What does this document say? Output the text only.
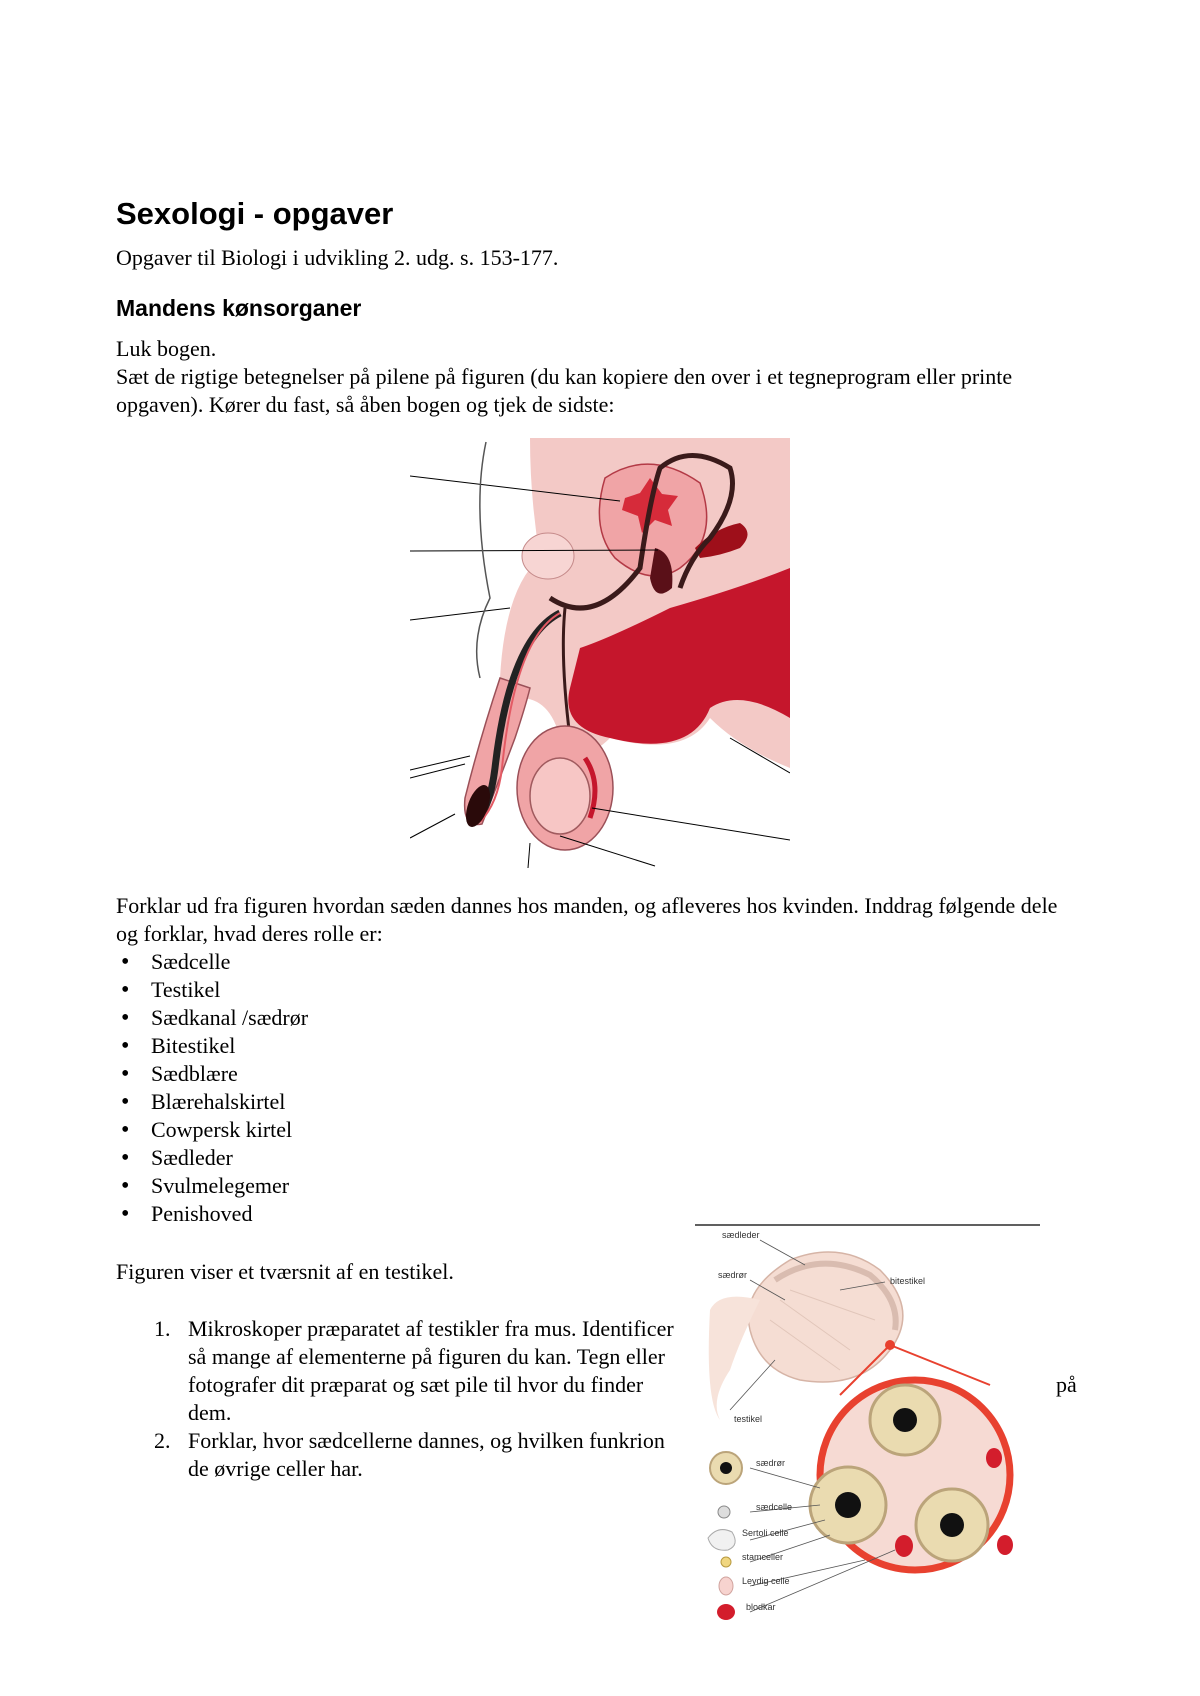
Sexologi - opgaver

Opgaver til Biologi i udvikling 2. udg. s. 153-177.

Mandens kønsorganer
Luk bogen.
Sæt de rigtige betegnelser på pilene på figuren (du kan kopiere den over i et tegneprogram eller printe opgaven). Kører du fast, så åben bogen og tjek de sidste:
Forklar ud fra figuren hvordan sæden dannes hos manden, og afleveres hos kvinden. Inddrag følgende dele og forklar, hvad deres rolle er:
• Sædcelle
• Testikel
• Sædkanal /sædrør
• Bitestikel
• Sædblære
• Blærehalskirtel
• Cowpersk kirtel
• Sædleder
• Svulmelegemer
• Penishoved
Figuren viser et tværsnit af en testikel.
1. Mikroskoper præparatet af testikler fra mus. Identificer så mange af elementerne på figuren du kan. Tegn eller fotografer dit præparat og sæt pile til hvor du finder dem.
2. Forklar, hvor sædcellerne dannes, og hvilken funkrion de øvrige celler har.
på
sædleder
sædrør
bitestikel
testikel
sædrør
sædcelle
Sertoli celle
stamceller
Leydig celle
blodkar
